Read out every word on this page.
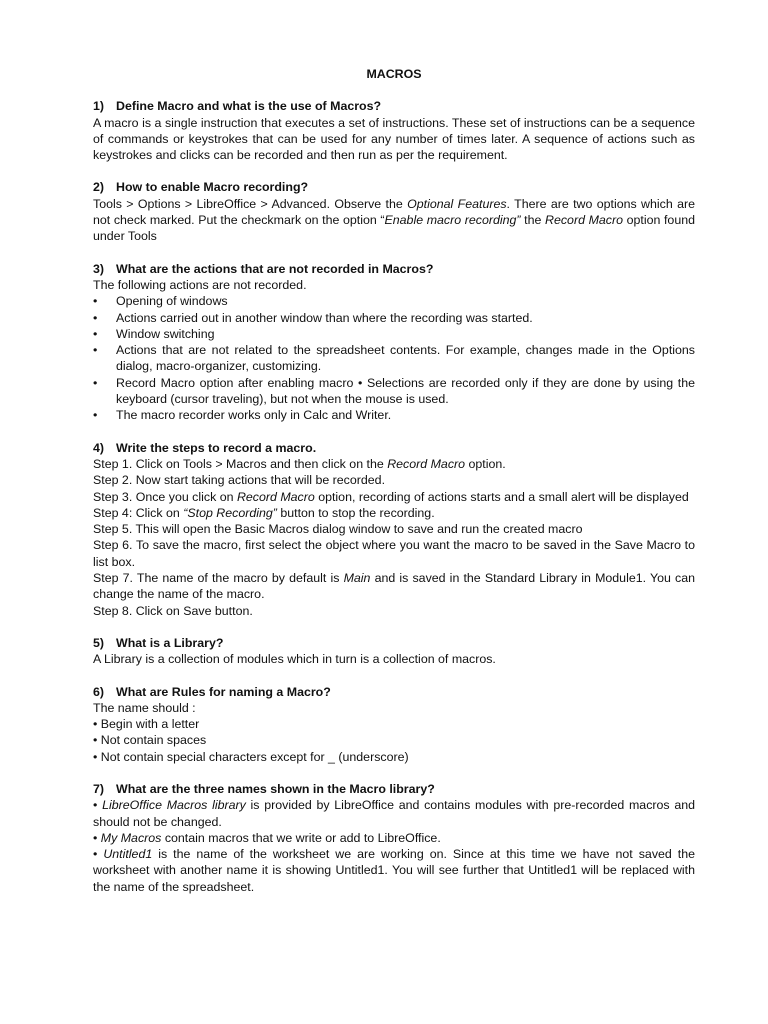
MACROS
1) Define Macro and what is the use of Macros?

A macro is a single instruction that executes a set of instructions. These set of instructions can be a sequence of commands or keystrokes that can be used for any number of times later. A sequence of actions such as keystrokes and clicks can be recorded and then run as per the requirement.

2) How to enable Macro recording?

Tools > Options > LibreOffice > Advanced. Observe the Optional Features. There are two options which are not check marked. Put the checkmark on the option “Enable macro recording” the Record Macro option found under Tools

3) What are the actions that are not recorded in Macros?

The following actions are not recorded.

•	Opening of windows
•	Actions carried out in another window than where the recording was started.
•	Window switching
•	Actions that are not related to the spreadsheet contents. For example, changes made in the Options dialog, macro-organizer, customizing.
•	Record Macro option after enabling macro • Selections are recorded only if they are done by using the keyboard (cursor traveling), but not when the mouse is used.
•	The macro recorder works only in Calc and Writer.
4) Write the steps to record a macro.

Step 1. Click on Tools > Macros and then click on the Record Macro option.

Step 2. Now start taking actions that will be recorded.

Step 3. Once you click on Record Macro option, recording of actions starts and a small alert will be displayed

Step 4: Click on “Stop Recording” button to stop the recording.

Step 5. This will open the Basic Macros dialog window to save and run the created macro

Step 6. To save the macro, first select the object where you want the macro to be saved in the Save Macro to list box.

Step 7. The name of the macro by default is Main and is saved in the Standard Library in Module1. You can change the name of the macro.

Step 8. Click on Save button.

5) What is a Library?

A Library is a collection of modules which in turn is a collection of macros.

6) What are Rules for naming a Macro?

The name should :

• Begin with a letter

• Not contain spaces

• Not contain special characters except for _ (underscore)

7) What are the three names shown in the Macro library?

• LibreOffice Macros library is provided by LibreOffice and contains modules with pre-recorded macros and should not be changed.

• My Macros contain macros that we write or add to LibreOffice.

• Untitled1 is the name of the worksheet we are working on. Since at this time we have not saved the worksheet with another name it is showing Untitled1. You will see further that Untitled1 will be replaced with the name of the spreadsheet.
